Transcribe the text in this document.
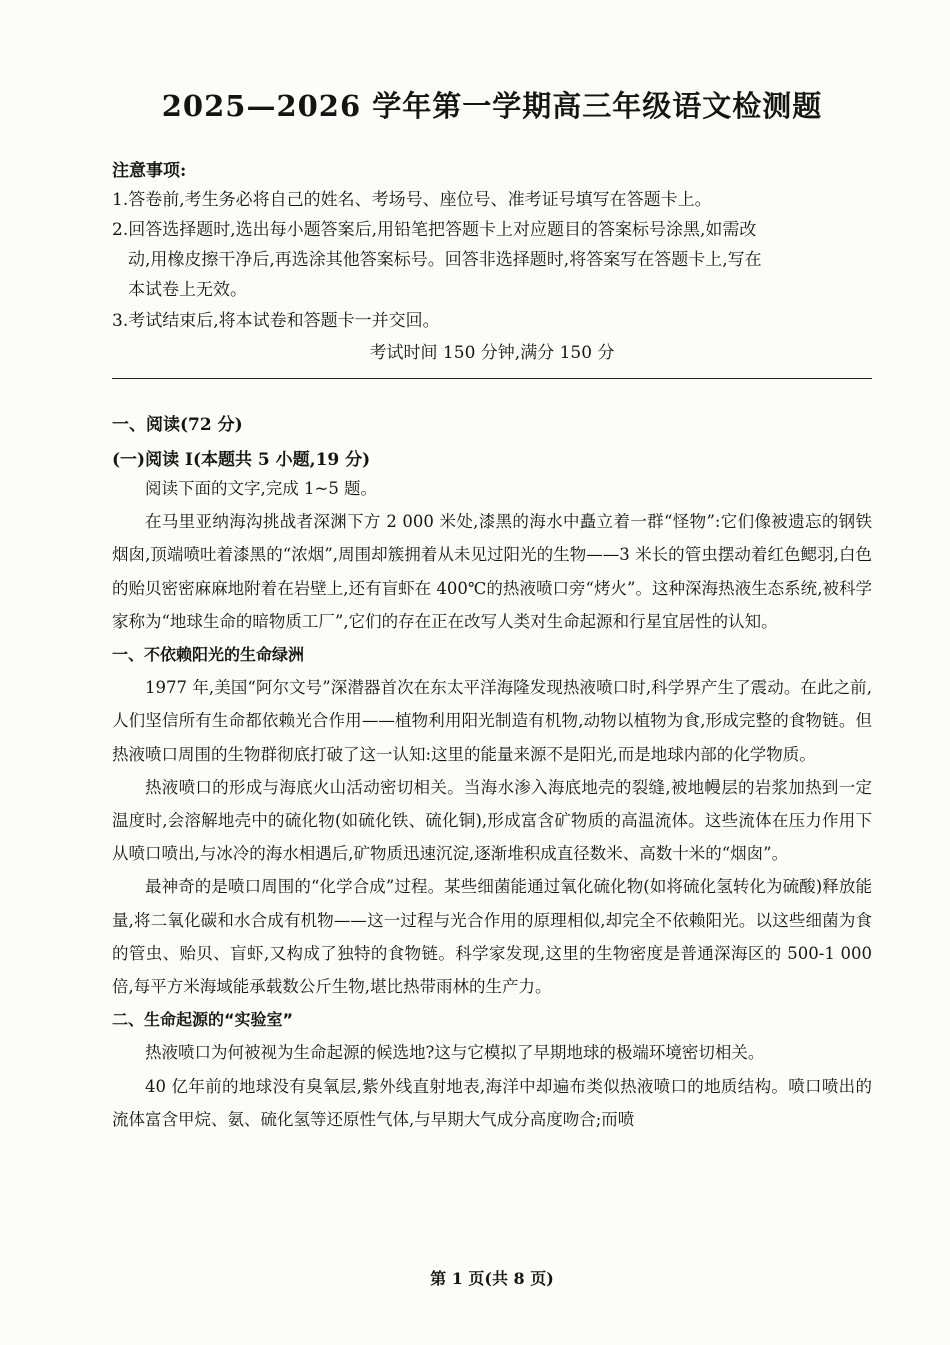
2025—2026 学年第一学期高三年级语文检测题
注意事项:
1.答卷前,考生务必将自己的姓名、考场号、座位号、准考证号填写在答题卡上。
2.回答选择题时,选出每小题答案后,用铅笔把答题卡上对应题目的答案标号涂黑,如需改
动,用橡皮擦干净后,再选涂其他答案标号。回答非选择题时,将答案写在答题卡上,写在
本试卷上无效。
3.考试结束后,将本试卷和答题卡一并交回。
考试时间 150 分钟,满分 150 分
一、阅读(72 分)
(一)阅读 I(本题共 5 小题,19 分)

阅读下面的文字,完成 1~5 题。

在马里亚纳海沟挑战者深渊下方 2 000 米处,漆黑的海水中矗立着一群“怪物”:它们像被遗忘的钢铁烟囱,顶端喷吐着漆黑的“浓烟”,周围却簇拥着从未见过阳光的生物——3 米长的管虫摆动着红色鳃羽,白色的贻贝密密麻麻地附着在岩壁上,还有盲虾在 400℃的热液喷口旁“烤火”。这种深海热液生态系统,被科学家称为“地球生命的暗物质工厂”,它们的存在正在改写人类对生命起源和行星宜居性的认知。

一、不依赖阳光的生命绿洲

1977 年,美国“阿尔文号”深潜器首次在东太平洋海隆发现热液喷口时,科学界产生了震动。在此之前,人们坚信所有生命都依赖光合作用——植物利用阳光制造有机物,动物以植物为食,形成完整的食物链。但热液喷口周围的生物群彻底打破了这一认知:这里的能量来源不是阳光,而是地球内部的化学物质。

热液喷口的形成与海底火山活动密切相关。当海水渗入海底地壳的裂缝,被地幔层的岩浆加热到一定温度时,会溶解地壳中的硫化物(如硫化铁、硫化铜),形成富含矿物质的高温流体。这些流体在压力作用下从喷口喷出,与冰冷的海水相遇后,矿物质迅速沉淀,逐渐堆积成直径数米、高数十米的“烟囱”。

最神奇的是喷口周围的“化学合成”过程。某些细菌能通过氧化硫化物(如将硫化氢转化为硫酸)释放能量,将二氧化碳和水合成有机物——这一过程与光合作用的原理相似,却完全不依赖阳光。以这些细菌为食的管虫、贻贝、盲虾,又构成了独特的食物链。科学家发现,这里的生物密度是普通深海区的 500-1 000 倍,每平方米海域能承载数公斤生物,堪比热带雨林的生产力。

二、生命起源的“实验室”

热液喷口为何被视为生命起源的候选地?这与它模拟了早期地球的极端环境密切相关。

40 亿年前的地球没有臭氧层,紫外线直射地表,海洋中却遍布类似热液喷口的地质结构。喷口喷出的流体富含甲烷、氨、硫化氢等还原性气体,与早期大气成分高度吻合;而喷

第 1 页(共 8 页)
